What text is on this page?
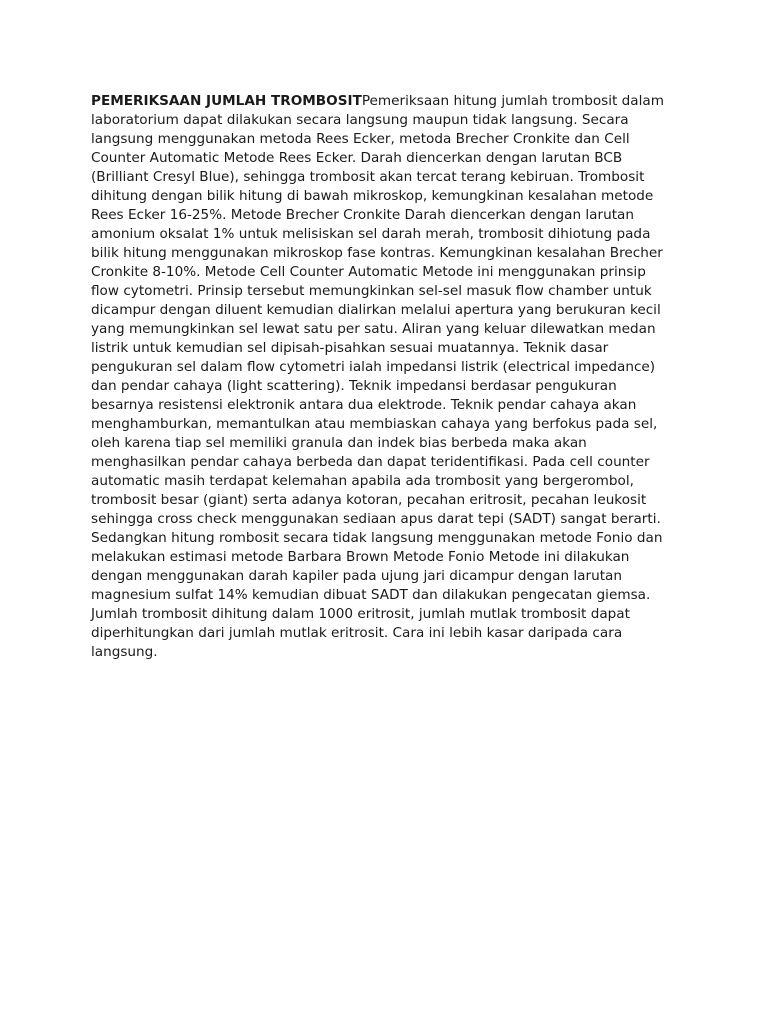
PEMERIKSAAN JUMLAH TROMBOSITPemeriksaan hitung jumlah trombosit dalam laboratorium dapat dilakukan secara langsung maupun tidak langsung. Secara langsung menggunakan metoda Rees Ecker, metoda Brecher Cronkite dan Cell Counter Automatic Metode Rees Ecker. Darah diencerkan dengan larutan BCB (Brilliant Cresyl Blue), sehingga trombosit akan tercat terang kebiruan. Trombosit dihitung dengan bilik hitung di bawah mikroskop, kemungkinan kesalahan metode Rees Ecker 16-25%. Metode Brecher Cronkite Darah diencerkan dengan larutan amonium oksalat 1% untuk melisiskan sel darah merah, trombosit dihiotung pada bilik hitung menggunakan mikroskop fase kontras. Kemungkinan kesalahan Brecher Cronkite 8-10%. Metode Cell Counter Automatic Metode ini menggunakan prinsip flow cytometri. Prinsip tersebut memungkinkan sel-sel masuk flow chamber untuk dicampur dengan diluent kemudian dialirkan melalui apertura yang berukuran kecil yang memungkinkan sel lewat satu per satu. Aliran yang keluar dilewatkan medan listrik untuk kemudian sel dipisah-pisahkan sesuai muatannya. Teknik dasar pengukuran sel dalam flow cytometri ialah impedansi listrik (electrical impedance) dan pendar cahaya (light scattering). Teknik impedansi berdasar pengukuran besarnya resistensi elektronik antara dua elektrode. Teknik pendar cahaya akan menghamburkan, memantulkan atau membiaskan cahaya yang berfokus pada sel, oleh karena tiap sel memiliki granula dan indek bias berbeda maka akan menghasilkan pendar cahaya berbeda dan dapat teridentifikasi. Pada cell counter automatic masih terdapat kelemahan apabila ada trombosit yang bergerombol, trombosit besar (giant) serta adanya kotoran, pecahan eritrosit, pecahan leukosit sehingga cross check menggunakan sediaan apus darat tepi (SADT) sangat berarti. Sedangkan hitung rombosit secara tidak langsung menggunakan metode Fonio dan melakukan estimasi metode Barbara Brown Metode Fonio Metode ini dilakukan dengan menggunakan darah kapiler pada ujung jari dicampur dengan larutan magnesium sulfat 14% kemudian dibuat SADT dan dilakukan pengecatan giemsa. Jumlah trombosit dihitung dalam 1000 eritrosit, jumlah mutlak trombosit dapat diperhitungkan dari jumlah mutlak eritrosit. Cara ini lebih kasar daripada cara langsung.
